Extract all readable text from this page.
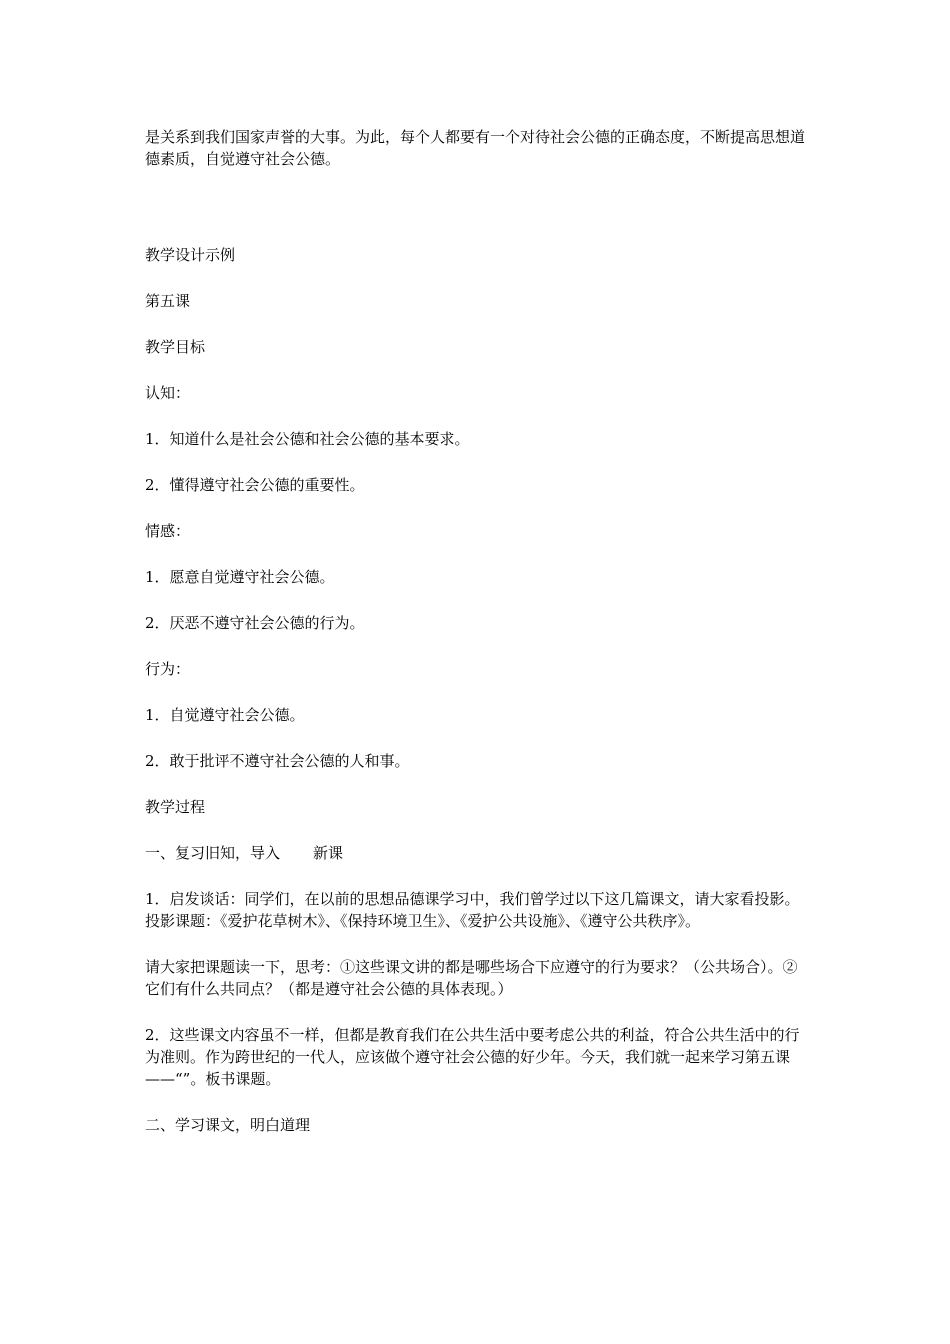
是关系到我们国家声誉的大事。为此，每个人都要有一个对待社会公德的正确态度，不断提高思想道德素质，自觉遵守社会公德。

教学设计示例

第五课

教学目标

认知：

1．知道什么是社会公德和社会公德的基本要求。

2．懂得遵守社会公德的重要性。

情感：

1．愿意自觉遵守社会公德。

2．厌恶不遵守社会公德的行为。

行为：

1．自觉遵守社会公德。

2．敢于批评不遵守社会公德的人和事。

教学过程

一、复习旧知，导入 新课

1．启发谈话：同学们，在以前的思想品德课学习中，我们曾学过以下这几篇课文，请大家看投影。投影课题：《爱护花草树木》、《保持环境卫生》、《爱护公共设施》、《遵守公共秩序》。

请大家把课题读一下，思考：①这些课文讲的都是哪些场合下应遵守的行为要求？（公共场合）。②它们有什么共同点？（都是遵守社会公德的具体表现。）

2．这些课文内容虽不一样，但都是教育我们在公共生活中要考虑公共的利益，符合公共生活中的行为准则。作为跨世纪的一代人，应该做个遵守社会公德的好少年。今天，我们就一起来学习第五课——“”。板书课题。

二、学习课文，明白道理
